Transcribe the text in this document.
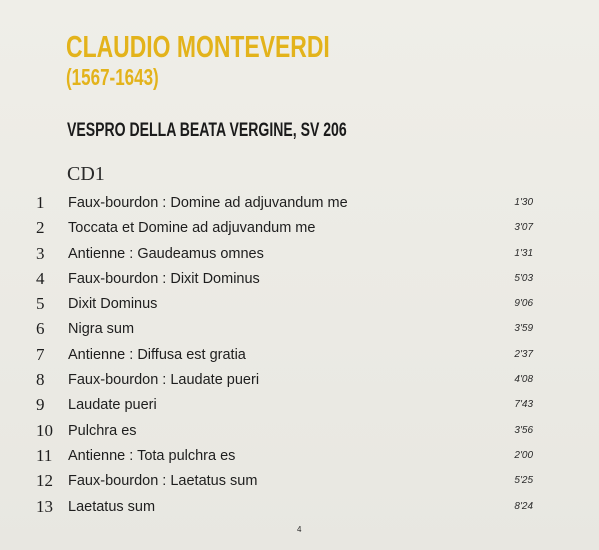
CLAUDIO MONTEVERDI
(1567-1643)
VESPRO DELLA BEATA VERGINE, SV 206
CD1
1	Faux-bourdon : Domine ad adjuvandum me	1'30
2	Toccata et Domine ad adjuvandum me	3'07
3	Antienne : Gaudeamus omnes	1'31
4	Faux-bourdon : Dixit Dominus	5'03
5	Dixit Dominus	9'06
6	Nigra sum	3'59
7	Antienne : Diffusa est gratia	2'37
8	Faux-bourdon : Laudate pueri	4'08
9	Laudate pueri	7'43
10	Pulchra es	3'56
11	Antienne : Tota pulchra es	2'00
12	Faux-bourdon : Laetatus sum	5'25
13	Laetatus sum	8'24
4
